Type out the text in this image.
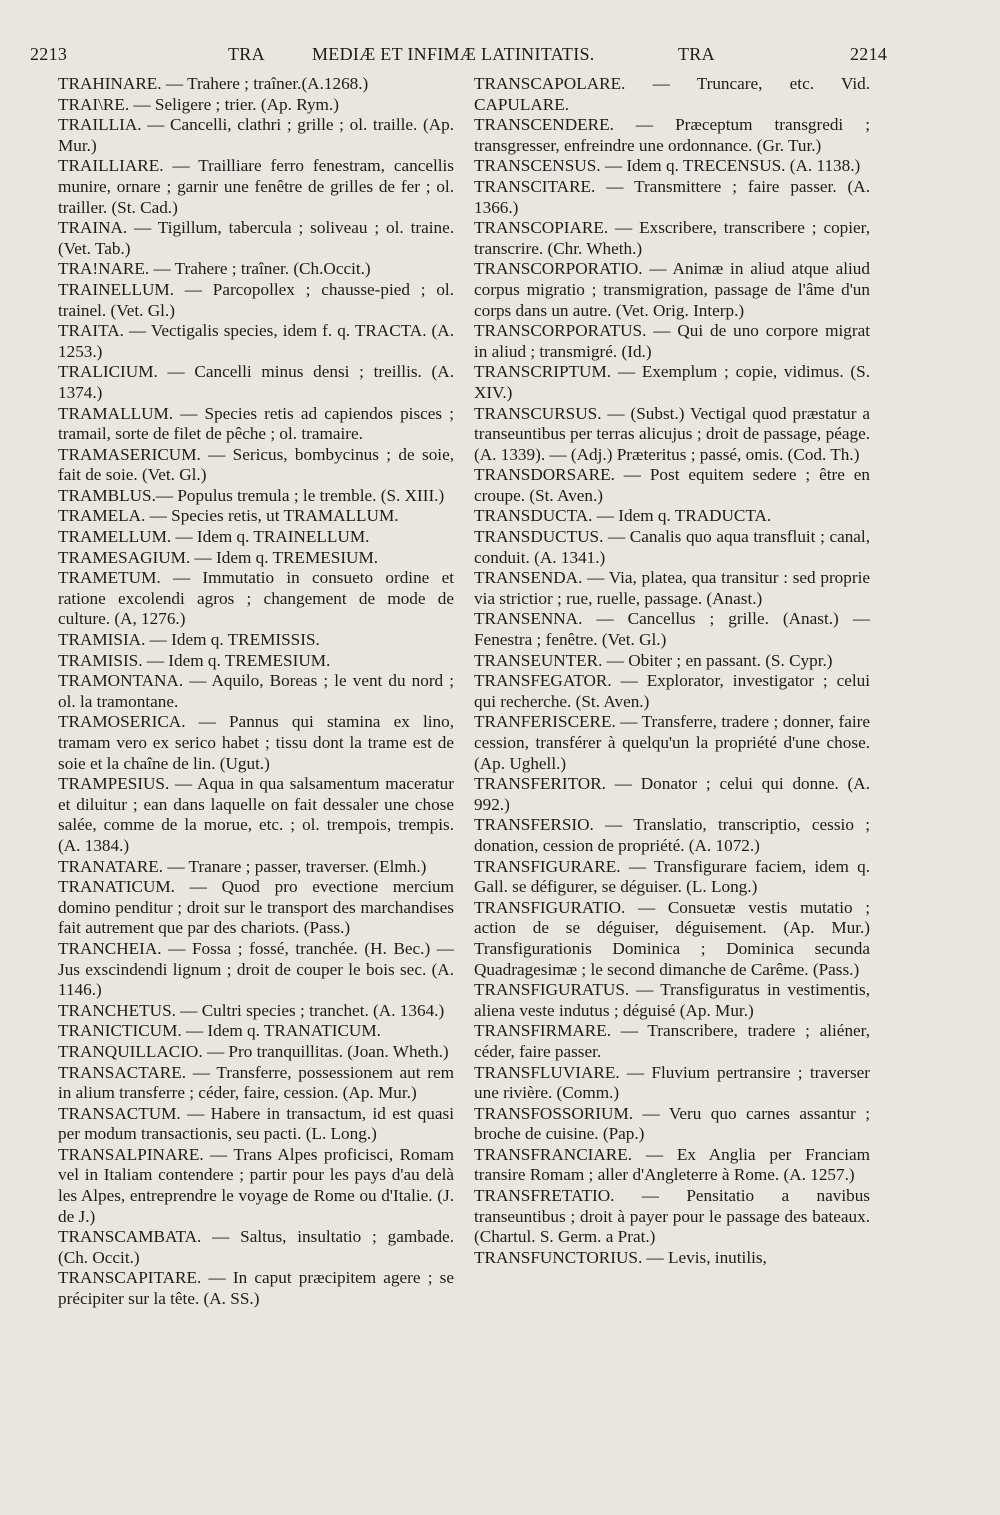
2213	TRA	MEDIÆ ET INFIMÆ LATINITATIS.	TRA	2214

TRAHINARE. — Trahere ; traîner.(A.1268.)

TRAI\RE. — Seligere ; trier. (Ap. Rym.)

TRAILLIA. — Cancelli, clathri ; grille ; ol. traille. (Ap. Mur.)

TRAILLIARE. — Trailliare ferro fenestram, cancellis munire, ornare ; garnir une fenêtre de grilles de fer ; ol. trailler. (St. Cad.)

TRAINA. — Tigillum, tabercula ; soliveau ; ol. traine. (Vet. Tab.)

TRA!NARE. — Trahere ; traîner. (Ch.Occit.)

TRAINELLUM. — Parcopollex ; chausse-pied ; ol. trainel. (Vet. Gl.)

TRAITA. — Vectigalis species, idem f. q. TRACTA. (A. 1253.)

TRALICIUM. — Cancelli minus densi ; treillis. (A. 1374.)

TRAMALLUM. — Species retis ad capiendos pisces ; tramail, sorte de filet de pêche ; ol. tramaire.

TRAMASERICUM. — Sericus, bombycinus ; de soie, fait de soie. (Vet. Gl.)

TRAMBLUS.— Populus tremula ; le tremble. (S. XIII.)

TRAMELA. — Species retis, ut TRAMALLUM.

TRAMELLUM. — Idem q. TRAINELLUM.

TRAMESAGIUM. — Idem q. TREMESIUM.

TRAMETUM. — Immutatio in consueto ordine et ratione excolendi agros ; changement de mode de culture. (A, 1276.)

TRAMISIA. — Idem q. TREMISSIS.

TRAMISIS. — Idem q. TREMESIUM.

TRAMONTANA. — Aquilo, Boreas ; le vent du nord ; ol. la tramontane.

TRAMOSERICA. — Pannus qui stamina ex lino, tramam vero ex serico habet ; tissu dont la trame est de soie et la chaîne de lin. (Ugut.)

TRAMPESIUS. — Aqua in qua salsamentum maceratur et diluitur ; ean dans laquelle on fait dessaler une chose salée, comme de la morue, etc. ; ol. trempois, trempis. (A. 1384.)

TRANATARE. — Tranare ; passer, traverser. (Elmh.)

TRANATICUM. — Quod pro evectione mercium domino penditur ; droit sur le transport des marchandises fait autrement que par des chariots. (Pass.)

TRANCHEIA. — Fossa ; fossé, tranchée. (H. Bec.) — Jus exscindendi lignum ; droit de couper le bois sec. (A. 1146.)

TRANCHETUS. — Cultri species ; tranchet. (A. 1364.)

TRANICTICUM. — Idem q. TRANATICUM.

TRANQUILLACIO. — Pro tranquillitas. (Joan. Wheth.)

TRANSACTARE. — Transferre, possessionem aut rem in alium transferre ; céder, faire, cession. (Ap. Mur.)

TRANSACTUM. — Habere in transactum, id est quasi per modum transactionis, seu pacti. (L. Long.)

TRANSALPINARE. — Trans Alpes proficisci, Romam vel in Italiam contendere ; partir pour les pays d'au delà les Alpes, entreprendre le voyage de Rome ou d'Italie. (J. de J.)

TRANSCAMBATA. — Saltus, insultatio ; gambade. (Ch. Occit.)

TRANSCAPITARE. — In caput præcipitem agere ; se précipiter sur la tête. (A. SS.)

TRANSCAPOLARE. — Truncare, etc. Vid. CAPULARE.

TRANSCENDERE. — Præceptum transgredi ; transgresser, enfreindre une ordonnance. (Gr. Tur.)

TRANSCENSUS. — Idem q. TRECENSUS. (A. 1138.)

TRANSCITARE. — Transmittere ; faire passer. (A. 1366.)

TRANSCOPIARE. — Exscribere, transcribere ; copier, transcrire. (Chr. Wheth.)

TRANSCORPORATIO. — Animæ in aliud atque aliud corpus migratio ; transmigration, passage de l'âme d'un corps dans un autre. (Vet. Orig. Interp.)

TRANSCORPORATUS. — Qui de uno corpore migrat in aliud ; transmigré. (Id.)

TRANSCRIPTUM. — Exemplum ; copie, vidimus. (S. XIV.)

TRANSCURSUS. — (Subst.) Vectigal quod præstatur a transeuntibus per terras alicujus ; droit de passage, péage. (A. 1339). — (Adj.) Præteritus ; passé, omis. (Cod. Th.)

TRANSDORSARE. — Post equitem sedere ; être en croupe. (St. Aven.)

TRANSDUCTA. — Idem q. TRADUCTA.

TRANSDUCTUS. — Canalis quo aqua transfluit ; canal, conduit. (A. 1341.)

TRANSENDA. — Via, platea, qua transitur : sed proprie via strictior ; rue, ruelle, passage. (Anast.)

TRANSENNA. — Cancellus ; grille. (Anast.) — Fenestra ; fenêtre. (Vet. Gl.)

TRANSEUNTER. — Obiter ; en passant. (S. Cypr.)

TRANSFEGATOR. — Explorator, investigator ; celui qui recherche. (St. Aven.)

TRANFERISCERE. — Transferre, tradere ; donner, faire cession, transférer à quelqu'un la propriété d'une chose. (Ap. Ughell.)

TRANSFERITOR. — Donator ; celui qui donne. (A. 992.)

TRANSFERSIO. — Translatio, transcriptio, cessio ; donation, cession de propriété. (A. 1072.)

TRANSFIGURARE. — Transfigurare faciem, idem q. Gall. se défigurer, se déguiser. (L. Long.)

TRANSFIGURATIO. — Consuetæ vestis mutatio ; action de se déguiser, déguisement. (Ap. Mur.) Transfigurationis Dominica ; Dominica secunda Quadragesimæ ; le second dimanche de Carême. (Pass.)

TRANSFIGURATUS. — Transfiguratus in vestimentis, aliena veste indutus ; déguisé (Ap. Mur.)

TRANSFIRMARE. — Transcribere, tradere ; aliéner, céder, faire passer.

TRANSFLUVIARE. — Fluvium pertransire ; traverser une rivière. (Comm.)

TRANSFOSSORIUM. — Veru quo carnes assantur ; broche de cuisine. (Pap.)

TRANSFRANCIARE. — Ex Anglia per Franciam transire Romam ; aller d'Angleterre à Rome. (A. 1257.)

TRANSFRETATIO. — Pensitatio a navibus transeuntibus ; droit à payer pour le passage des bateaux. (Chartul. S. Germ. a Prat.)

TRANSFUNCTORIUS. — Levis, inutilis,
